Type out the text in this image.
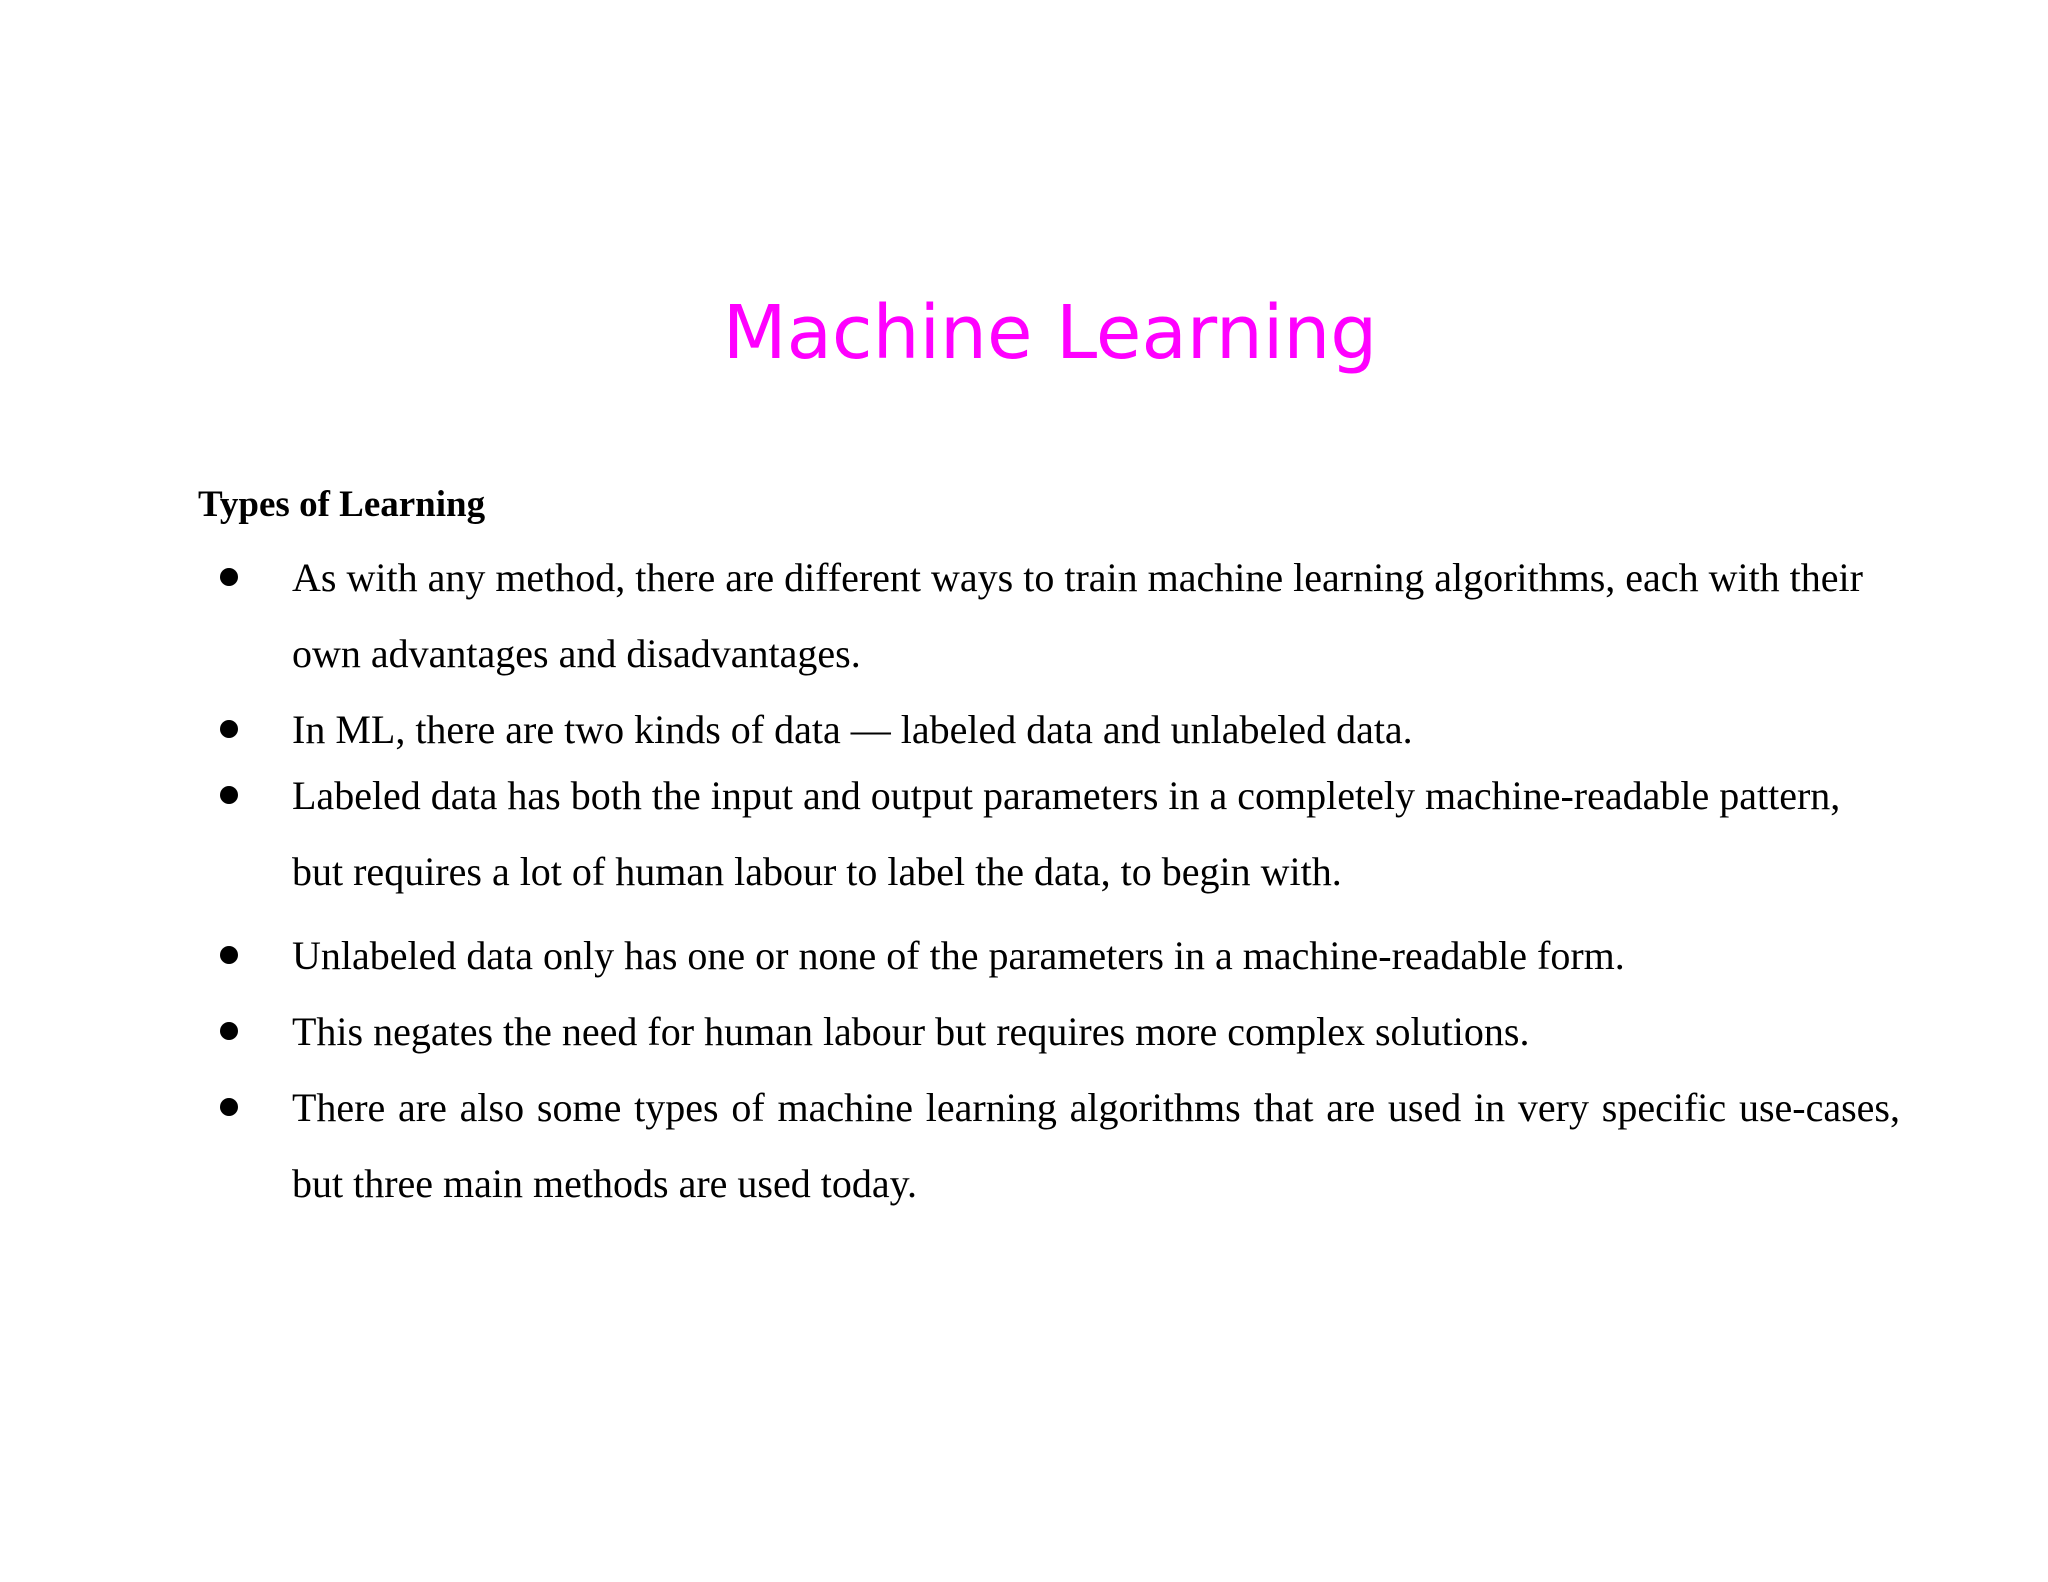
Machine Learning
Types of Learning
As with any method, there are different ways to train machine learning algorithms, each with their own advantages and disadvantages.
In ML, there are two kinds of data — labeled data and unlabeled data.
Labeled data has both the input and output parameters in a completely machine-readable pattern, but requires a lot of human labour to label the data, to begin with.
Unlabeled data only has one or none of the parameters in a machine-readable form.
This negates the need for human labour but requires more complex solutions.
There are also some types of machine learning algorithms that are used in very specific use-cases, but three main methods are used today.
